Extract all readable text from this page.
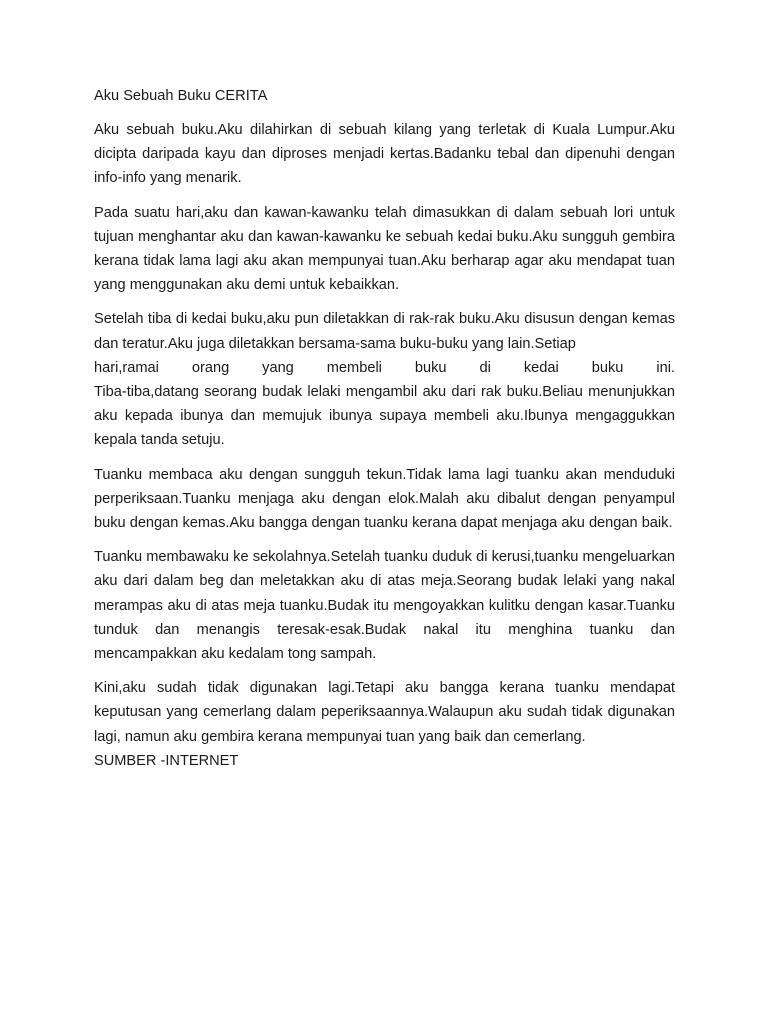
Aku Sebuah Buku CERITA

Aku sebuah buku.Aku dilahirkan di sebuah kilang yang terletak di Kuala Lumpur.Aku dicipta daripada kayu dan diproses menjadi kertas.Badanku tebal dan dipenuhi dengan info-info yang menarik.

Pada suatu hari,aku dan kawan-kawanku telah dimasukkan di dalam sebuah lori untuk tujuan menghantar aku dan kawan-kawanku ke sebuah kedai buku.Aku sungguh gembira kerana tidak lama lagi aku akan mempunyai tuan.Aku berharap agar aku mendapat tuan yang menggunakan aku demi untuk kebaikkan.

Setelah tiba di kedai buku,aku pun diletakkan di rak-rak buku.Aku disusun dengan kemas dan teratur.Aku juga diletakkan bersama-sama buku-buku yang lain.Setiap
hari,ramai orang yang membeli buku di kedai buku ini.
Tiba-tiba,datang seorang budak lelaki mengambil aku dari rak buku.Beliau menunjukkan aku kepada ibunya dan memujuk ibunya supaya membeli aku.Ibunya mengaggukkan kepala tanda setuju.

Tuanku membaca aku dengan sungguh tekun.Tidak lama lagi tuanku akan menduduki perperiksaan.Tuanku menjaga aku dengan elok.Malah aku dibalut dengan penyampul buku dengan kemas.Aku bangga dengan tuanku kerana dapat menjaga aku dengan baik.

Tuanku membawaku ke sekolahnya.Setelah tuanku duduk di kerusi,tuanku mengeluarkan aku dari dalam beg dan meletakkan aku di atas meja.Seorang budak lelaki yang nakal merampas aku di atas meja tuanku.Budak itu mengoyakkan kulitku dengan kasar.Tuanku tunduk dan menangis teresak-esak.Budak nakal itu menghina tuanku dan mencampakkan aku kedalam tong sampah.

Kini,aku sudah tidak digunakan lagi.Tetapi aku bangga kerana tuanku mendapat keputusan yang cemerlang dalam peperiksaannya.Walaupun aku sudah tidak digunakan lagi, namun aku gembira kerana mempunyai tuan yang baik dan cemerlang.

SUMBER -INTERNET
